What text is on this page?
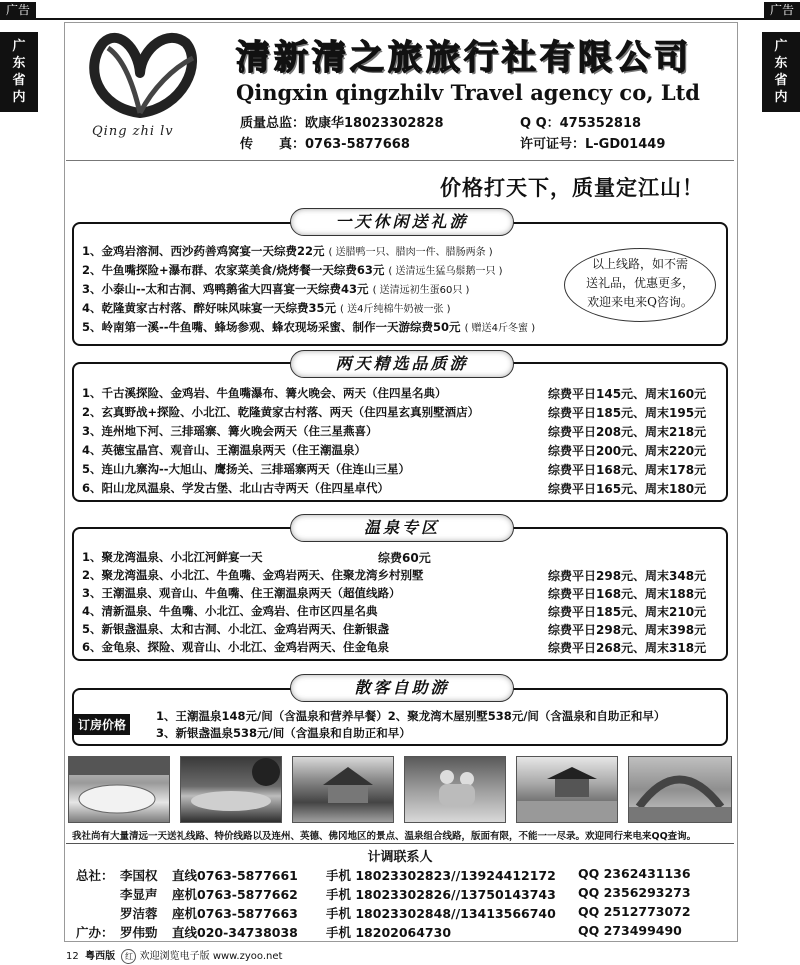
广告	广告
广
东
省
内
广
东
省
内
Qing zhi lv
清新清之旅旅行社有限公司
Qingxin qingzhilv Travel agency co, Ltd
质量总监：欧康华18023302828	Q Q：475352818
传　　真：0763-5877668	许可证号：L-GD01449
价格打天下，质量定江山！
1、金鸡岩溶洞、西沙药善鸡窝宴一天综费22元 ( 送腊鸭一只、腊肉一件、腊肠两条 )
2、牛鱼嘴探险+瀑布群、农家菜美食/烧烤餐一天综费63元 ( 送清远生猛乌鬃鹅一只 )
3、小泰山--太和古洞、鸡鸭鹅雀大四喜宴一天综费43元 ( 送清远初生蛋60只 )
4、乾隆黄家古村落、醉好味风味宴一天综费35元 ( 送4斤纯棉牛奶被一张 )
5、岭南第一溪--牛鱼嘴、蜂场参观、蜂农现场采蜜、制作一天游综费50元 ( 赠送4斤冬蜜 )
以上线路，如不需
送礼品，优惠更多，
欢迎来电来Q咨询。
一天休闲送礼游
1、千古溪探险、金鸡岩、牛鱼嘴瀑布、篝火晚会、两天（住四星名典）	综费平日145元、周末160元
2、玄真野战+探险、小北江、乾隆黄家古村落、两天（住四星玄真别墅酒店）	综费平日185元、周末195元
3、连州地下河、三排瑶寨、篝火晚会两天（住三星燕喜）	综费平日208元、周末218元
4、英德宝晶宫、观音山、王潮温泉两天（住王潮温泉）	综费平日200元、周末220元
5、连山九寨沟--大旭山、鹰扬关、三排瑶寨两天（住连山三星）	综费平日168元、周末178元
6、阳山龙凤温泉、学发古堡、北山古寺两天（住四星卓代）	综费平日165元、周末180元
两天精选品质游
1、聚龙湾温泉、小北江河鲜宴一天	综费60元
2、聚龙湾温泉、小北江、牛鱼嘴、金鸡岩两天、住聚龙湾乡村别墅	综费平日298元、周末348元
3、王潮温泉、观音山、牛鱼嘴、住王潮温泉两天（超值线路）	综费平日168元、周末188元
4、清新温泉、牛鱼嘴、小北江、金鸡岩、住市区四星名典	综费平日185元、周末210元
5、新银盏温泉、太和古洞、小北江、金鸡岩两天、住新银盏	综费平日298元、周末398元
6、金龟泉、探险、观音山、小北江、金鸡岩两天、住金龟泉	综费平日268元、周末318元
温泉专区
订房价格
1、王潮温泉148元/间（含温泉和营养早餐）2、聚龙湾木屋别墅538元/间（含温泉和自助正和早）
3、新银盏温泉538元/间（含温泉和自助正和早）
散客自助游
我社尚有大量清远一天送礼线路、特价线路以及连州、英德、佛冈地区的景点、温泉组合线路，版面有限，不能一一尽录。欢迎同行来电来QQ查询。
计调联系人
总社： 李国权 直线0763-5877661 手机 18023302823//13924412172 QQ 2362431136
李显声 座机0763-5877662 手机 18023302826//13750143743 QQ 2356293273
罗洁蓉 座机0763-5877663 手机 18023302848//13413566740 QQ 2512773072
广办： 罗伟勁 直线020-34738038 手机 18202064730	QQ 273499490
12 粤西版 红 欢迎浏览电子版 www.zyoo.net
